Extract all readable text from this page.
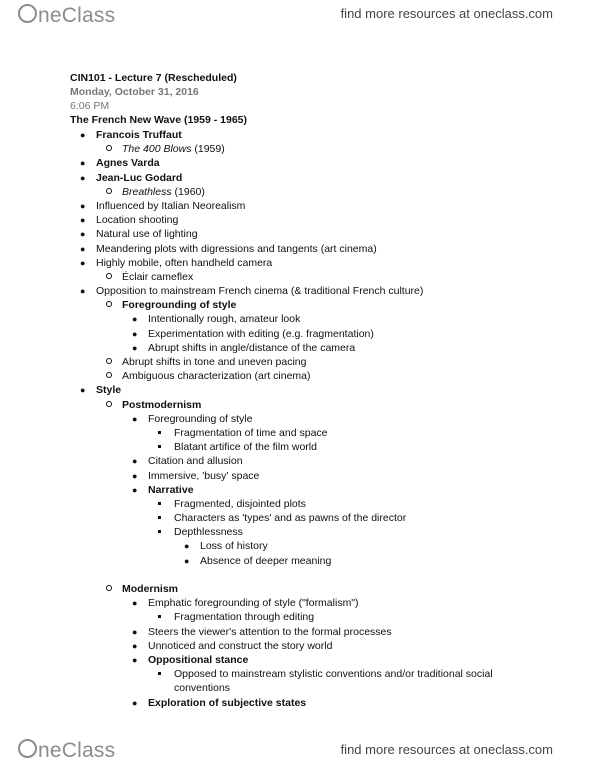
neClass	find more resources at oneclass.com
CIN101 - Lecture 7 (Rescheduled)
Monday, October 31, 2016
6:06 PM
The French New Wave (1959 - 1965)
● Francois Truffaut
The 400 Blows (1959)
● Agnes Varda
● Jean-Luc Godard
Breathless (1960)
● Influenced by Italian Neorealism
● Location shooting
● Natural use of lighting
● Meandering plots with digressions and tangents (art cinema)
● Highly mobile, often handheld camera
Éclair cameflex
● Opposition to mainstream French cinema (& traditional French culture)
Foregrounding of style
● Intentionally rough, amateur look
● Experimentation with editing (e.g. fragmentation)
● Abrupt shifts in angle/distance of the camera
Abrupt shifts in tone and uneven pacing
Ambiguous characterization (art cinema)
● Style
Postmodernism
● Foregrounding of style
Fragmentation of time and space
Blatant artifice of the film world
● Citation and allusion
● Immersive, 'busy' space
● Narrative
Fragmented, disjointed plots
Characters as 'types' and as pawns of the director
Depthlessness
● Loss of history
● Absence of deeper meaning
Modernism
● Emphatic foregrounding of style ("formalism")
Fragmentation through editing
● Steers the viewer's attention to the formal processes
● Unnoticed and construct the story world
● Oppositional stance
Opposed to mainstream stylistic conventions and/or traditional social conventions
● Exploration of subjective states
neClass	find more resources at oneclass.com
